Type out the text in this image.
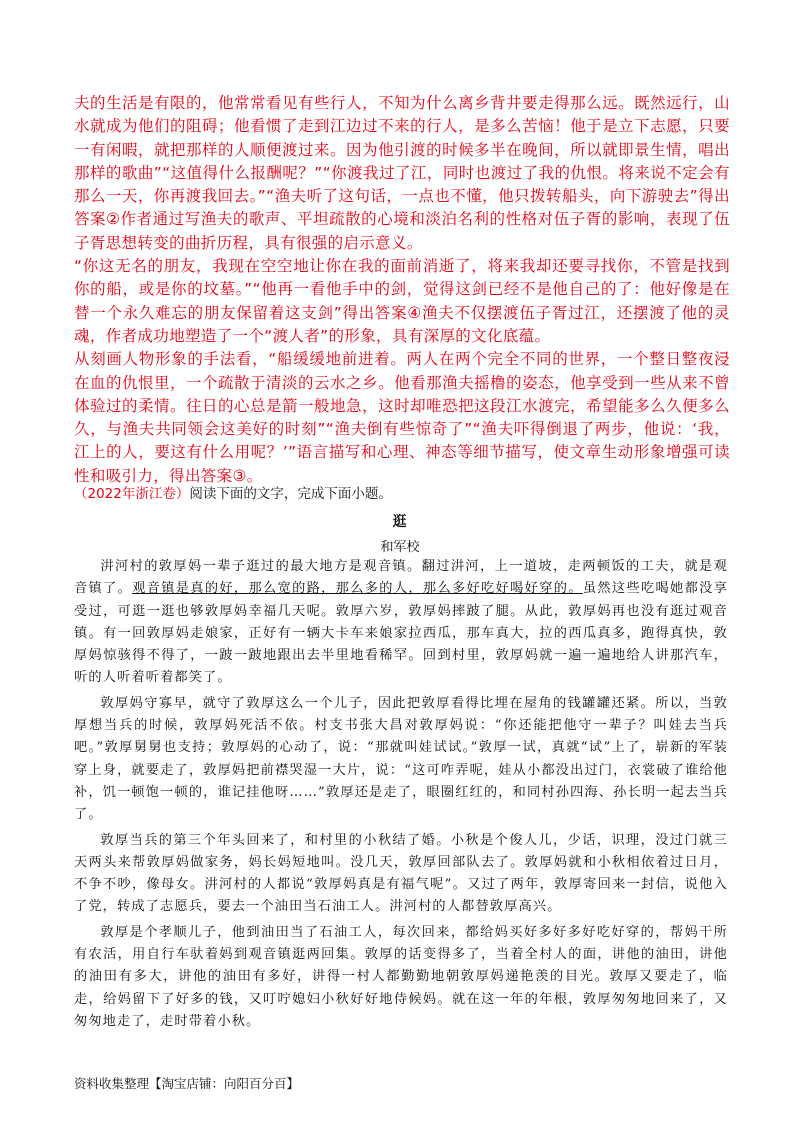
夫的生活是有限的，他常常看见有些行人，不知为什么离乡背井要走得那么远。既然远行，山水就成为他们的阻碍；他看惯了走到江边过不来的行人，是多么苦恼！他于是立下志愿，只要一有闲暇，就把那样的人顺便渡过来。因为他引渡的时候多半在晚间，所以就即景生情，唱出那样的歌曲”“这值得什么报酬呢？”“你渡我过了江，同时也渡过了我的仇恨。将来说不定会有那么一天，你再渡我回去。”“渔夫听了这句话，一点也不懂，他只拨转船头，向下游驶去”得出答案②作者通过写渔夫的歌声、平坦疏散的心境和淡泊名利的性格对伍子胥的影响，表现了伍子胥思想转变的曲折历程，具有很强的启示意义。

“你这无名的朋友，我现在空空地让你在我的面前消逝了，将来我却还要寻找你，不管是找到你的船，或是你的坟墓。”“他再一看他手中的剑，觉得这剑已经不是他自己的了：他好像是在替一个永久难忘的朋友保留着这支剑”得出答案④渔夫不仅摆渡伍子胥过江，还摆渡了他的灵魂，作者成功地塑造了一个“渡人者”的形象，具有深厚的文化底蕴。

从刻画人物形象的手法看，“船缓缓地前进着。两人在两个完全不同的世界，一个整日整夜浸在血的仇恨里，一个疏散于清淡的云水之乡。他看那渔夫摇橹的姿态，他享受到一些从来不曾体验过的柔情。往日的心总是箭一般地急，这时却唯恐把这段江水渡完，希望能多么久便多么久，与渔夫共同领会这美好的时刻”“渔夫倒有些惊奇了”“渔夫吓得倒退了两步，他说：‘我，江上的人，要这有什么用呢？’”语言描写和心理、神态等细节描写，使文章生动形象增强可读性和吸引力，得出答案③。

（2022年浙江卷）阅读下面的文字，完成下面小题。
逛
和军校

汫河村的敦厚妈一辈子逛过的最大地方是观音镇。翻过汫河，上一道坡，走两顿饭的工夫，就是观音镇了。观音镇是真的好，那么宽的路，那么多的人，那么多好吃好喝好穿的。虽然这些吃喝她都没享受过，可逛一逛也够敦厚妈幸福几天呢。敦厚六岁，敦厚妈摔跛了腿。从此，敦厚妈再也没有逛过观音镇。有一回敦厚妈走娘家，正好有一辆大卡车来娘家拉西瓜，那车真大，拉的西瓜真多，跑得真快，敦厚妈惊骇得不得了，一跛一跛地跟出去半里地看稀罕。回到村里，敦厚妈就一遍一遍地给人讲那汽车，听的人听着听着都笑了。

敦厚妈守寡早，就守了敦厚这么一个儿子，因此把敦厚看得比埋在屋角的钱罐罐还紧。所以，当敦厚想当兵的时候，敦厚妈死活不依。村支书张大昌对敦厚妈说：“你还能把他守一辈子？叫娃去当兵吧。”敦厚舅舅也支持；敦厚妈的心动了，说：“那就叫娃试试。”敦厚一试，真就“试”上了，崭新的军装穿上身，就要走了，敦厚妈把前襟哭湿一大片，说：“这可咋弄呢，娃从小都没出过门，衣裳破了谁给他补，饥一顿饱一顿的，谁记挂他呀……”敦厚还是走了，眼圈红红的，和同村孙四海、孙长明一起去当兵了。

敦厚当兵的第三个年头回来了，和村里的小秋结了婚。小秋是个俊人儿，少话，识理，没过门就三天两头来帮敦厚妈做家务，妈长妈短地叫。没几天，敦厚回部队去了。敦厚妈就和小秋相依着过日月，不争不吵，像母女。汫河村的人都说“敦厚妈真是有福气呢”。又过了两年，敦厚寄回来一封信，说他入了党，转成了志愿兵，要去一个油田当石油工人。汫河村的人都替敦厚高兴。

敦厚是个孝顺儿子，他到油田当了石油工人，每次回来，都给妈买好多好多好吃好穿的，帮妈干所有农活，用自行车驮着妈到观音镇逛两回集。敦厚的话变得多了，当着全村人的面，讲他的油田，讲他的油田有多大，讲他的油田有多好，讲得一村人都勤勤地朝敦厚妈递艳羡的目光。敦厚又要走了，临走，给妈留下了好多的钱，又叮咛媳妇小秋好好地侍候妈。就在这一年的年根，敦厚匆匆地回来了，又匆匆地走了，走时带着小秋。

资料收集整理【淘宝店铺：向阳百分百】
